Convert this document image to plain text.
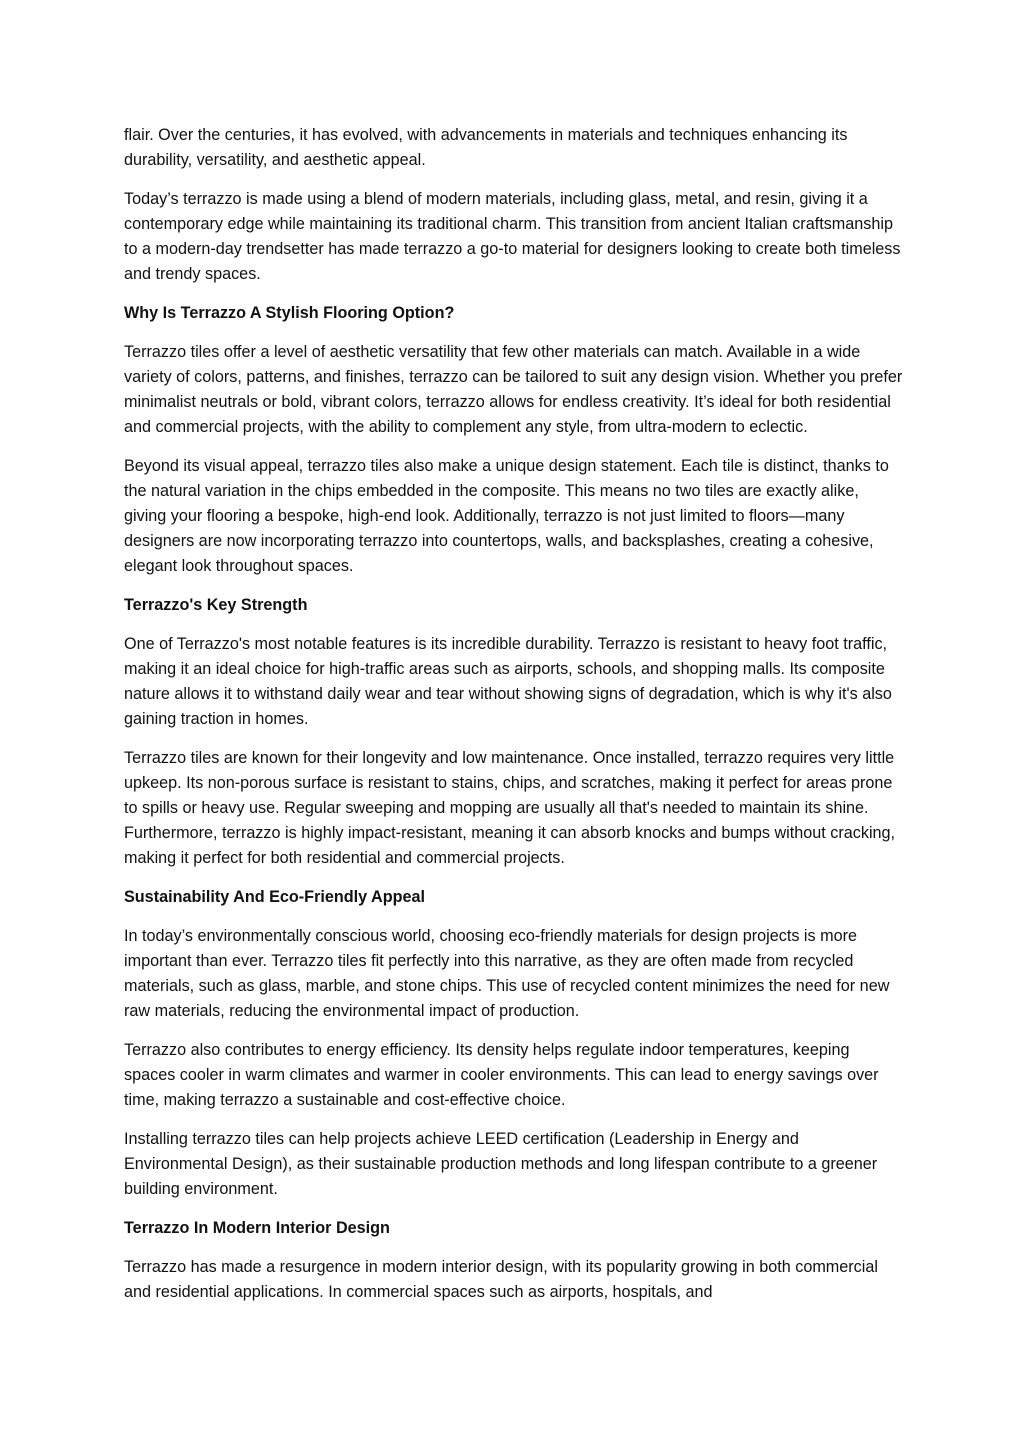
flair. Over the centuries, it has evolved, with advancements in materials and techniques enhancing its durability, versatility, and aesthetic appeal.

Today’s terrazzo is made using a blend of modern materials, including glass, metal, and resin, giving it a contemporary edge while maintaining its traditional charm. This transition from ancient Italian craftsmanship to a modern-day trendsetter has made terrazzo a go-to material for designers looking to create both timeless and trendy spaces.

Why Is Terrazzo A Stylish Flooring Option?

Terrazzo tiles offer a level of aesthetic versatility that few other materials can match. Available in a wide variety of colors, patterns, and finishes, terrazzo can be tailored to suit any design vision. Whether you prefer minimalist neutrals or bold, vibrant colors, terrazzo allows for endless creativity. It’s ideal for both residential and commercial projects, with the ability to complement any style, from ultra-modern to eclectic.

Beyond its visual appeal, terrazzo tiles also make a unique design statement. Each tile is distinct, thanks to the natural variation in the chips embedded in the composite. This means no two tiles are exactly alike, giving your flooring a bespoke, high-end look. Additionally, terrazzo is not just limited to floors—many designers are now incorporating terrazzo into countertops, walls, and backsplashes, creating a cohesive, elegant look throughout spaces.

Terrazzo's Key Strength

One of Terrazzo's most notable features is its incredible durability. Terrazzo is resistant to heavy foot traffic, making it an ideal choice for high-traffic areas such as airports, schools, and shopping malls. Its composite nature allows it to withstand daily wear and tear without showing signs of degradation, which is why it's also gaining traction in homes.

Terrazzo tiles are known for their longevity and low maintenance. Once installed, terrazzo requires very little upkeep. Its non-porous surface is resistant to stains, chips, and scratches, making it perfect for areas prone to spills or heavy use. Regular sweeping and mopping are usually all that's needed to maintain its shine. Furthermore, terrazzo is highly impact-resistant, meaning it can absorb knocks and bumps without cracking, making it perfect for both residential and commercial projects.

Sustainability And Eco-Friendly Appeal

In today’s environmentally conscious world, choosing eco-friendly materials for design projects is more important than ever. Terrazzo tiles fit perfectly into this narrative, as they are often made from recycled materials, such as glass, marble, and stone chips. This use of recycled content minimizes the need for new raw materials, reducing the environmental impact of production.

Terrazzo also contributes to energy efficiency. Its density helps regulate indoor temperatures, keeping spaces cooler in warm climates and warmer in cooler environments. This can lead to energy savings over time, making terrazzo a sustainable and cost-effective choice.

Installing terrazzo tiles can help projects achieve LEED certification (Leadership in Energy and Environmental Design), as their sustainable production methods and long lifespan contribute to a greener building environment.

Terrazzo In Modern Interior Design

Terrazzo has made a resurgence in modern interior design, with its popularity growing in both commercial and residential applications. In commercial spaces such as airports, hospitals, and
